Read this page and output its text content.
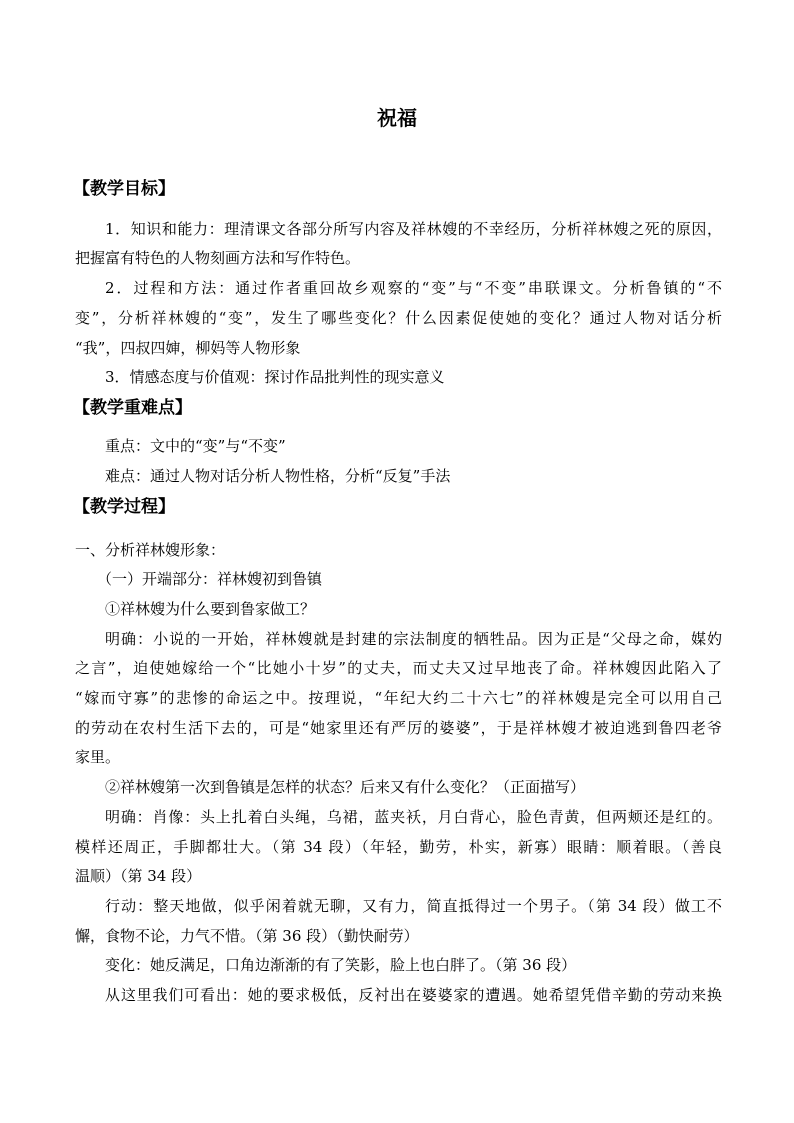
祝福
【教学目标】
1．知识和能力：理清课文各部分所写内容及祥林嫂的不幸经历，分析祥林嫂之死的原因，
把握富有特色的人物刻画方法和写作特色。
2．过程和方法：通过作者重回故乡观察的“变”与“不变”串联课文。分析鲁镇的“不
变”，分析祥林嫂的“变”，发生了哪些变化？什么因素促使她的变化？通过人物对话分析
“我”，四叔四婶，柳妈等人物形象
3．情感态度与价值观：探讨作品批判性的现实意义
【教学重难点】
重点：文中的“变”与“不变”
难点：通过人物对话分析人物性格，分析“反复”手法
【教学过程】
一、分析祥林嫂形象：
（一）开端部分：祥林嫂初到鲁镇
①祥林嫂为什么要到鲁家做工？
明确：小说的一开始，祥林嫂就是封建的宗法制度的牺牲品。因为正是“父母之命，媒妁
之言”，迫使她嫁给一个“比她小十岁”的丈夫，而丈夫又过早地丧了命。祥林嫂因此陷入了
“嫁而守寡”的悲惨的命运之中。按理说，“年纪大约二十六七”的祥林嫂是完全可以用自己
的劳动在农村生活下去的，可是“她家里还有严厉的婆婆”，于是祥林嫂才被迫逃到鲁四老爷
家里。
②祥林嫂第一次到鲁镇是怎样的状态？后来又有什么变化？（正面描写）
明确：肖像：头上扎着白头绳，乌裙，蓝夹袄，月白背心，脸色青黄，但两颊还是红的。
模样还周正，手脚都壮大。（第 34 段）（年轻，勤劳，朴实，新寡）眼睛：顺着眼。（善良
温顺）（第 34 段）
行动：整天地做，似乎闲着就无聊，又有力，简直抵得过一个男子。（第 34 段）做工不
懈，食物不论，力气不惜。（第 36 段）（勤快耐劳）
变化：她反满足，口角边渐渐的有了笑影，脸上也白胖了。（第 36 段）
从这里我们可看出：她的要求极低，反衬出在婆婆家的遭遇。她希望凭借辛勤的劳动来换
